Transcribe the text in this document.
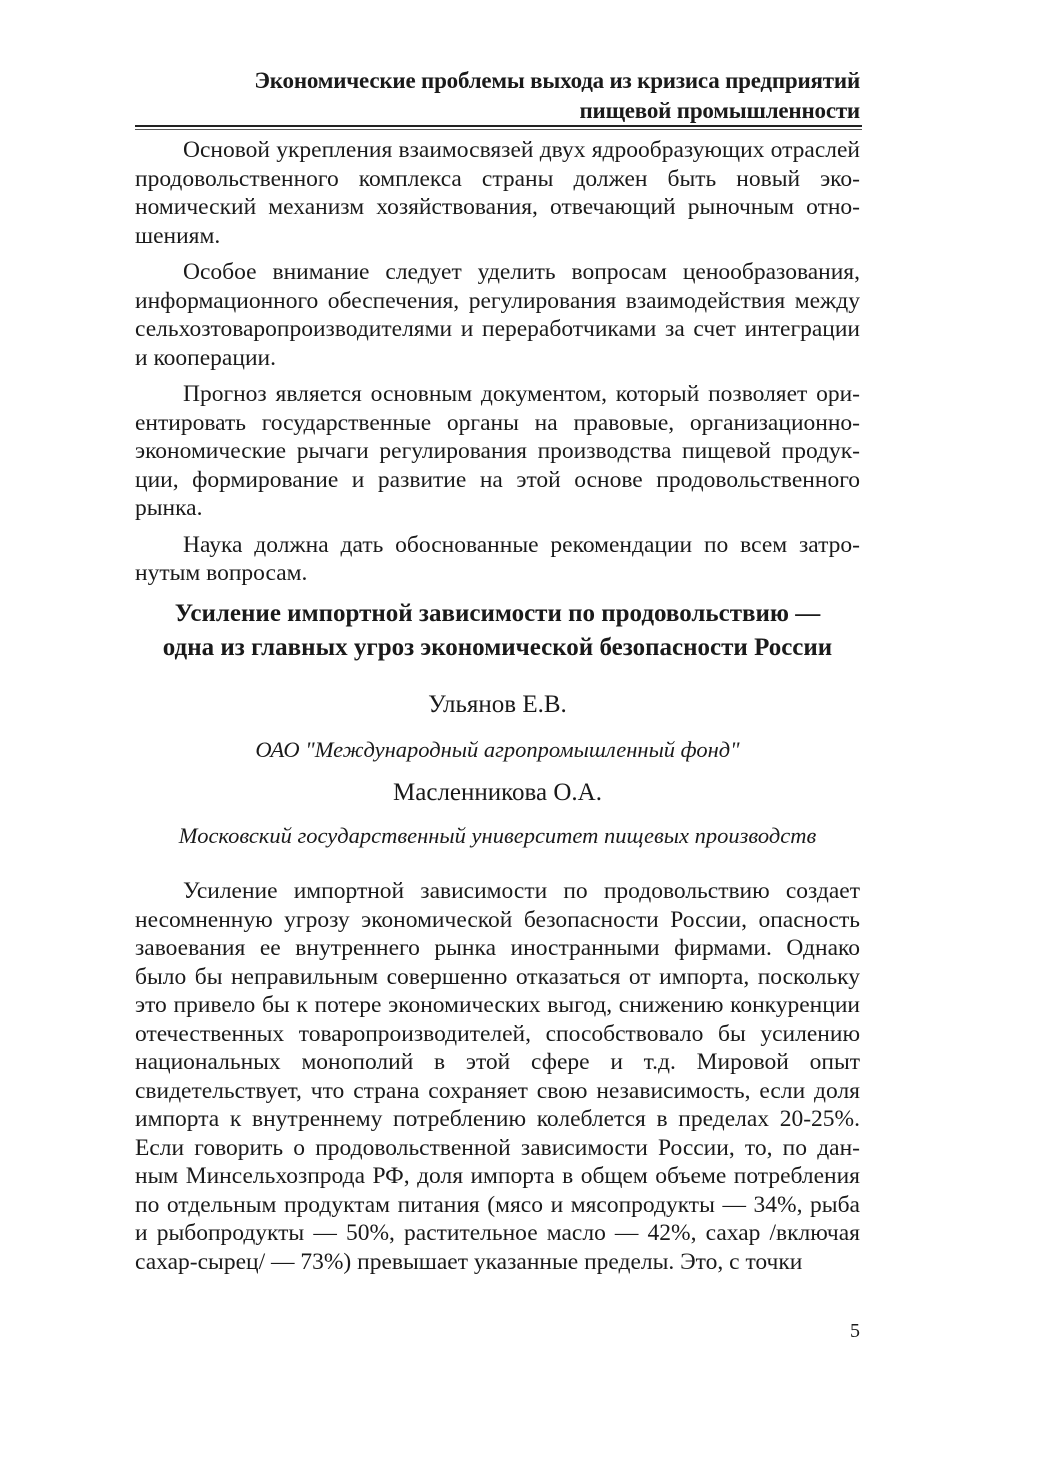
Экономические проблемы выхода из кризиса предприятий
пищевой промышленности

Основой укрепления взаимосвязей двух ядрообразующих отраслей продовольственного комплекса страны должен быть новый экономический механизм хозяйствования, отвечающий рыночным отношениям.

Особое внимание следует уделить вопросам ценообразования, информационного обеспечения, регулирования взаимодействия между сельхозтоваропроизводителями и переработчиками за счет интеграции и кооперации.

Прогноз является основным документом, который позволяет ориентировать государственные органы на правовые, организационно-экономические рычаги регулирования производства пищевой продукции, формирование и развитие на этой основе продовольственного рынка.

Наука должна дать обоснованные рекомендации по всем затронутым вопросам.

Усиление импортной зависимости по продовольствию —
одна из главных угроз экономической безопасности России
Ульянов Е.В.
ОАО "Международный агропромышленный фонд"
Масленникова О.А.
Московский государственный университет пищевых производств

Усиление импортной зависимости по продовольствию создает несомненную угрозу экономической безопасности России, опасность завоевания ее внутреннего рынка иностранными фирмами. Однако было бы неправильным совершенно отказаться от импорта, поскольку это привело бы к потере экономических выгод, снижению конкуренции отечественных товаропроизводителей, способствовало бы усилению национальных монополий в этой сфере и т.д. Мировой опыт свидетельствует, что страна сохраняет свою независимость, если доля импорта к внутреннему потреблению колеблется в пределах 20-25%. Если говорить о продовольственной зависимости России, то, по данным Минсельхозпрода РФ, доля импорта в общем объеме потребления по отдельным продуктам питания (мясо и мясопродукты — 34%, рыба и рыбопродукты — 50%, растительное масло — 42%, сахар /включая сахар-сырец/ — 73%) превышает указанные пределы. Это, с точки

5
